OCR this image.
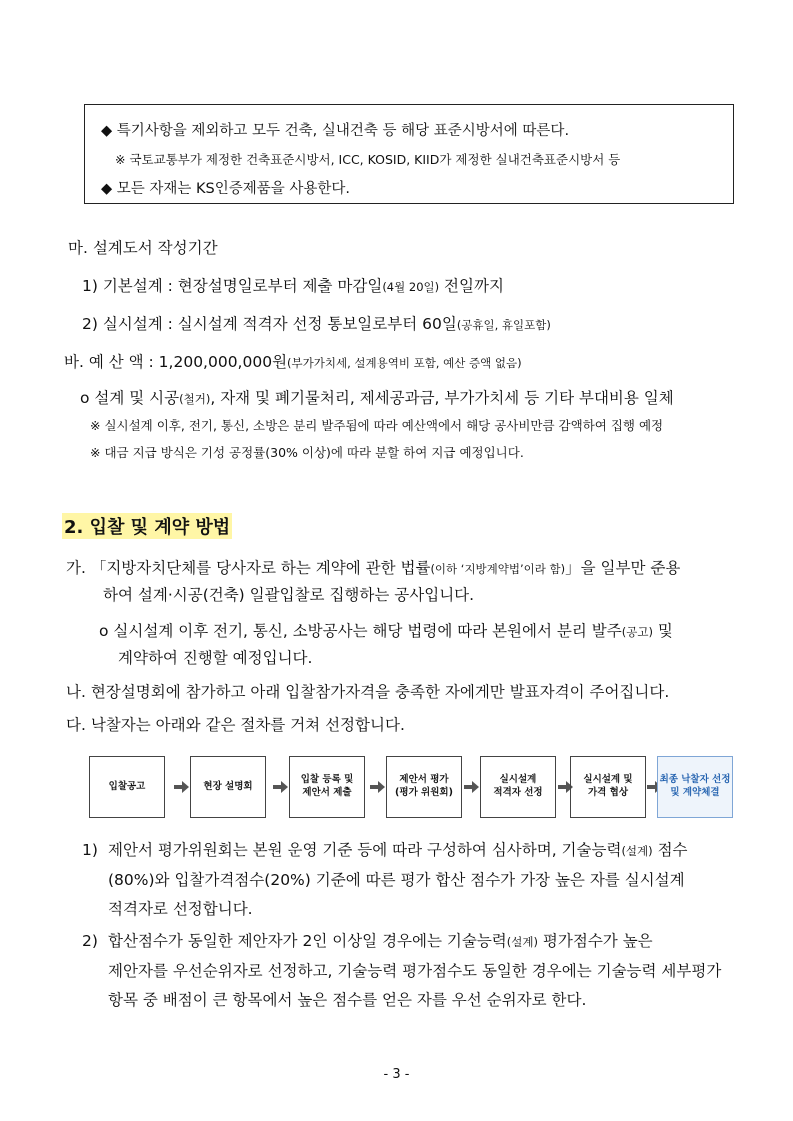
◆ 특기사항을 제외하고 모두 건축, 실내건축 등 해당 표준시방서에 따른다.
※ 국토교통부가 제정한 건축표준시방서, ICC, KOSID, KIID가 제정한 실내건축표준시방서 등
◆ 모든 자재는 KS인증제품을 사용한다.
마. 설계도서 작성기간
1) 기본설계 : 현장설명일로부터 제출 마감일(4월 20일) 전일까지
2) 실시설계 : 실시설계 적격자 선정 통보일로부터 60일(공휴일, 휴일포함)
바. 예 산 액 : 1,200,000,000원(부가가치세, 설계용역비 포함, 예산 증액 없음)
o 설계 및 시공(철거), 자재 및 폐기물처리, 제세공과금, 부가가치세 등 기타 부대비용 일체
※ 실시설계 이후, 전기, 통신, 소방은 분리 발주됨에 따라 예산액에서 해당 공사비만큼 감액하여 집행 예정
※ 대금 지급 방식은 기성 공정률(30% 이상)에 따라 분할 하여 지급 예정입니다.
2. 입찰 및 계약 방법
가. 「지방자치단체를 당사자로 하는 계약에 관한 법률(이하 ‘지방계약법’이라 함)」을 일부만 준용
하여 설계·시공(건축) 일괄입찰로 집행하는 공사입니다.
o 실시설계 이후 전기, 통신, 소방공사는 해당 법령에 따라 본원에서 분리 발주(공고) 및
계약하여 진행할 예정입니다.
나. 현장설명회에 참가하고 아래 입찰참가자격을 충족한 자에게만 발표자격이 주어집니다.
다. 낙찰자는 아래와 같은 절차를 거쳐 선정합니다.
입찰공고	현장 설명회
입찰 등록 및
제안서 제출
제안서 평가
(평가 위원회)
실시설계
적격자 선정
실시설계 및
가격 협상
최종 낙찰자 선정
및 계약체결
1) 제안서 평가위원회는 본원 운영 기준 등에 따라 구성하여 심사하며, 기술능력(설계) 점수
(80%)와 입찰가격점수(20%) 기준에 따른 평가 합산 점수가 가장 높은 자를 실시설계
적격자로 선정합니다.
2) 합산점수가 동일한 제안자가 2인 이상일 경우에는 기술능력(설계) 평가점수가 높은
제안자를 우선순위자로 선정하고, 기술능력 평가점수도 동일한 경우에는 기술능력 세부평가
항목 중 배점이 큰 항목에서 높은 점수를 얻은 자를 우선 순위자로 한다.
- 3 -
